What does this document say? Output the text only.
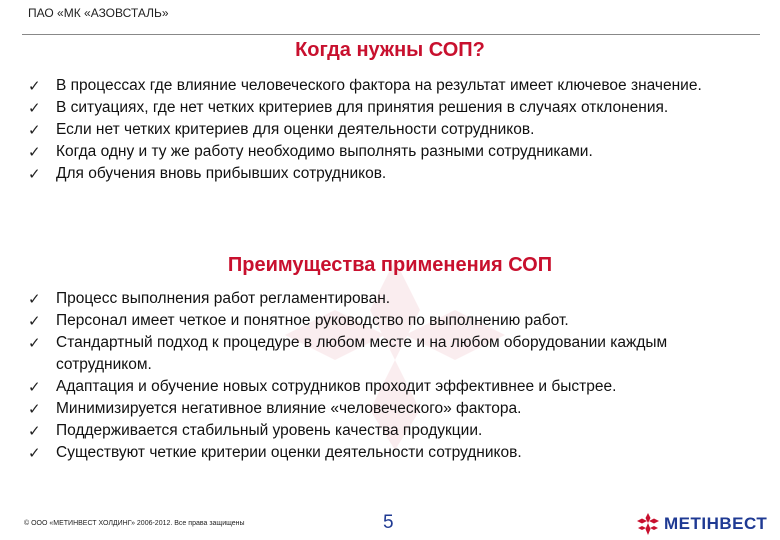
ПАО «МК «АЗОВСТАЛЬ»
Когда нужны СОП?
✓ В процессах где влияние человеческого фактора на результат имеет ключевое значение.
✓ В ситуациях, где нет четких критериев для принятия решения в случаях отклонения.
✓ Если нет четких критериев для оценки деятельности сотрудников.
✓ Когда одну и ту же работу необходимо выполнять разными сотрудниками.
✓ Для обучения вновь прибывших сотрудников.
Преимущества применения СОП
✓ Процесс выполнения работ регламентирован.
✓ Персонал имеет четкое и понятное руководство по выполнению работ.
✓ Стандартный подход к процедуре в любом месте и на любом оборудовании каждым сотрудником.
✓ Адаптация и обучение новых сотрудников проходит эффективнее и быстрее.
✓ Минимизируется негативное влияние «человеческого» фактора.
✓ Поддерживается стабильный уровень качества продукции.
✓ Существуют четкие критерии оценки деятельности сотрудников.
© ООО «МЕТИНВЕСТ ХОЛДИНГ» 2006-2012. Все права защищены	5	МЕТІНВЕСТ
